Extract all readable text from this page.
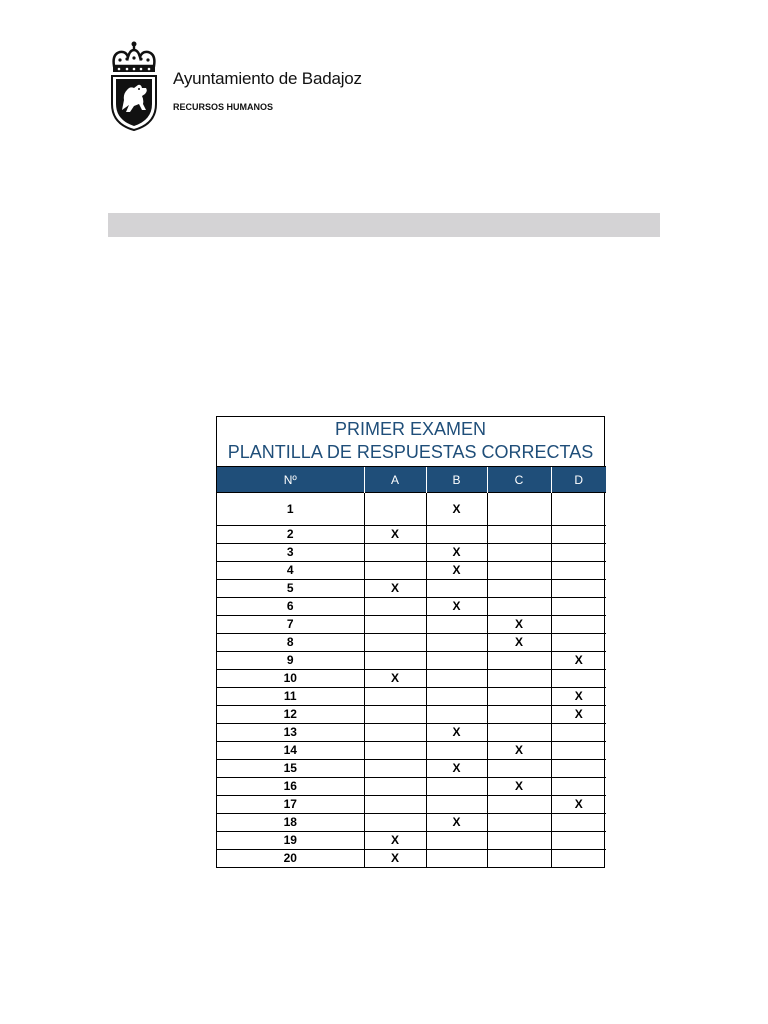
Ayuntamiento de Badajoz
RECURSOS HUMANOS
PRIMER EXAMEN
PLANTILLA DE RESPUESTAS CORRECTAS
Nº	A	B	C	D
1		X		
2	X			
3		X		
4		X		
5	X			
6		X		
7			X	
8			X	
9				X
10	X			
11				X
12				X
13		X		
14			X	
15		X		
16			X	
17				X
18		X		
19	X			
20	X			
